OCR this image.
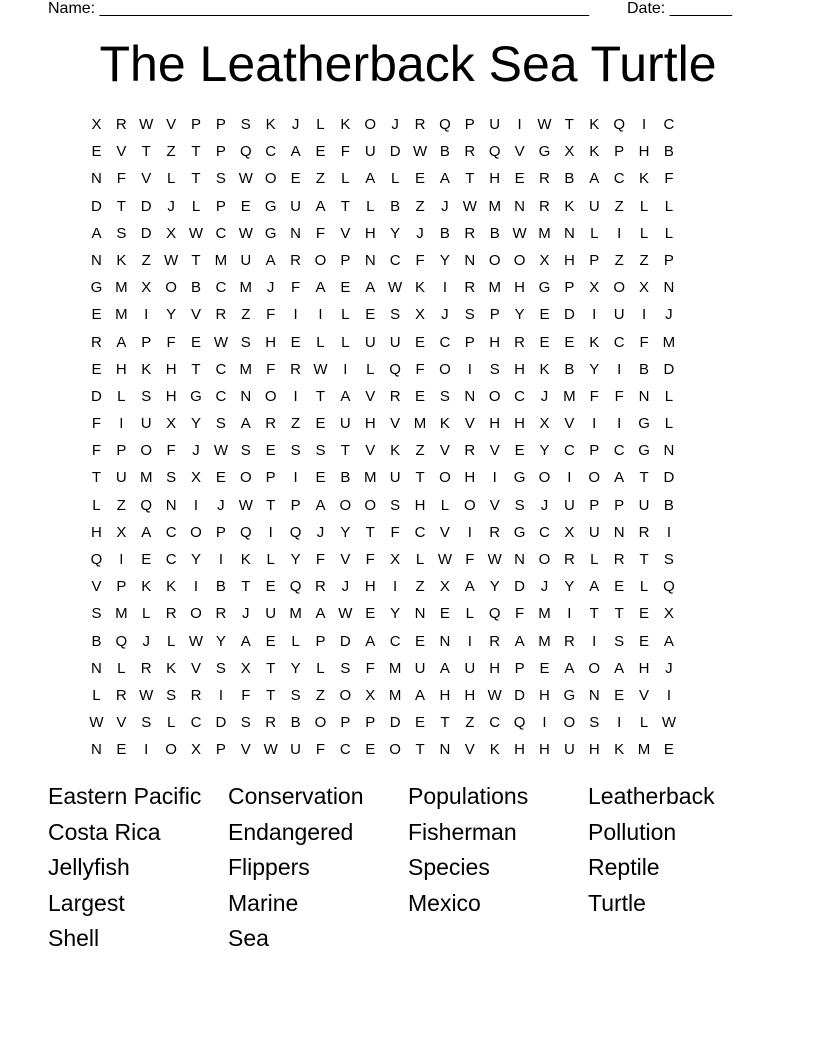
Name: _______________________________________________________ Date: _______
The Leatherback Sea Turtle
X R W V P P S K	J	L	K O	J	R Q P U	I	W T	K Q	I	C
E V	T	Z	T	P Q C A E	F U D W B R Q V G X K P H B
N F	V	L	T	S W O E	Z	L	A	L	E A	T H E R B A C K	F
D T D	J	L	P E G U A	T	L	B	Z	J W M N R K U Z	L	L
A S D X W C W G N F	V H Y	J	B R B W M N	L	I	L	L
N K	Z W T M U A R O P N C F	Y N O O X H P	Z	Z	P
G M X O B C M J	F	A E A W K	I	R M H G P X O X N
E M	I	Y V R Z	F	I	I	L	E S X	J	S P Y E D	I	U	I	J
R A P	F	E W S H E	L	L	U U E C P H R E E K C F M
E H K H T C M F R W	I	L Q F O	I	S H K B Y	I	B D
D	L	S H G C N O	I	T	A V R E S N O C	J M F	F N	L
F	I	U X Y S A R Z	E U H V M K V H H X V	I	I	G L
F	P O F	J W S E S S	T	V K	Z	V R V E Y C P C G N
T U M S X E O P	I	E B M U T O H	I	G O	I	O A	T D
L	Z Q N	I	J W T	P A O O S H	L O V S	J	U P P U B
H X A C O P Q	I	Q	J	Y	T	F C V	I	R G C X U N R	I
Q	I	E C Y	I	K	L	Y	F	V	F	X	L W F W N O R	L	R T	S
V P K K	I	B	T	E Q R	J	H	I	Z	X A Y D	J	Y A E	L Q
S M L	R O R	J	U M A W E Y N E	L Q F M	I	T	T	E X
B Q	J	L W Y A E	L	P D A C E N	I	R A M R	I	S E A
N	L	R K V S X	T	Y	L	S	F M U A U H P E A O A H	J
L	R W S R	I	F	T	S	Z O X M A H H W D H G N E V	I
W V S	L	C D S R B O P P D E	T	Z C Q	I	O S	I	L W
N E	I	O X P V W U F C E O T N V K H H U H K M E
Eastern Pacific	Conservation	Populations	Leatherback
Costa Rica	Endangered	Fisherman	Pollution
Jellyfish	Flippers	Species	Reptile
Largest	Marine	Mexico	Turtle
Shell	Sea
